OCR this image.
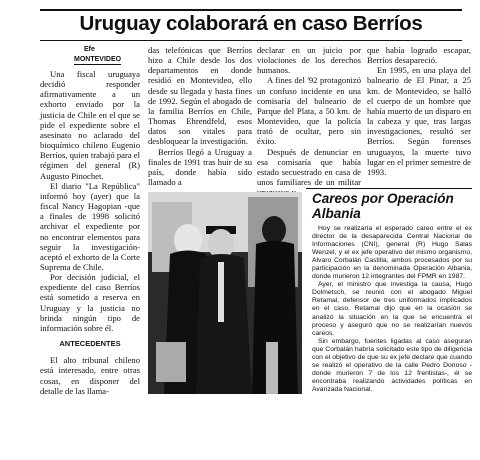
Uruguay colaborará en caso Berríos
Efe
MONTEVIDEO

Una fiscal uruguaya decidió responder afirmativamente a un exhorto enviado por la justicia de Chile en el que se pide el expediente sobre el asesinato no aclarado del bioquímico chileno Eugenio Berríos, quien trabajó para el régimen del general (R) Augusto Pinochet.

El diario "La República" informó hoy (ayer) que la fiscal Nancy Hagopian -que a finales de 1998 solicitó archivar el expediente por no encontrar elementos para seguir la investigación- aceptó el exhorto de la Corte Suprema de Chile.

Por decisión judicial, el expediente del caso Berríos está sometido a reserva en Uruguay y la justicia no brinda ningún tipo de información sobre él.

ANTECEDENTES

El alto tribunal chileno está interesado, entre otras cosas, en disponer del detalle de las llama-

das telefónicas que Berríos hizo a Chile desde los dos departamentos en donde residió en Montevideo, ello desde su llegada y hasta fines de 1992. Según el abogado de la familia Berríos en Chile, Thomas Ehrendfeld, esos datos son vitales para desbloquear la investigación.

Berríos llegó a Uruguay a finales de 1991 tras huir de su país, donde había sido llamado a

declarar en un juicio por violaciones de los derechos humanos.

A fines del '92 protagonizó un confuso incidente en una comisaría del balneario de Parque del Plata, a 50 km. de Montevideo, que la policía trató de ocultar, pero sin éxito.

Después de denunciar en esa comisaría que había estado secuestrado en casa de unos familiares de un militar

que había logrado escapar, Berríos desapareció.

En 1995, en una playa del balneario de El Pinar, a 25 km. de Montevideo, se halló el cuerpo de un hombre que había muerto de un disparo en la cabeza y que, tras largas investigaciones, resultó ser Berríos. Según forenses uruguayos, la muerte tuvo lugar en el primer semestre de 1993.

Careos por Operación Albania

Hoy se realizaría el esperado careo entre el ex director de la desaparecida Central Nacional de Informaciones (CNI), general (R) Hugo Salas Wenzel, y el ex jefe operativo del mismo organismo, Alvaro Corbalán Castilla, ambos procesados por su participación en la denominada Operación Albania, donde murieron 12 integrantes del FPMR en 1987.

Ayer, el ministro que investiga la causa, Hugo Dolmetsch, se reunió con el abogado Miguel Retamal, defensor de tres uniformados implicados en el caso. Retamal dijo que en la ocasión se analizó la situación en la que se encuentra el proceso y aseguró que no se realizarían nuevos careos.

Sin embargo, fuentes ligadas al caso aseguran que Corbalán habría solicitado este tipo de diligencia con el objetivo de que su ex jefe declare que cuando se realizó el operativo de la calle Pedro Donoso -donde murieron 7 de los 12 frentistas-, él se encontraba realizando actividades políticas en Avanzada Nacional.
